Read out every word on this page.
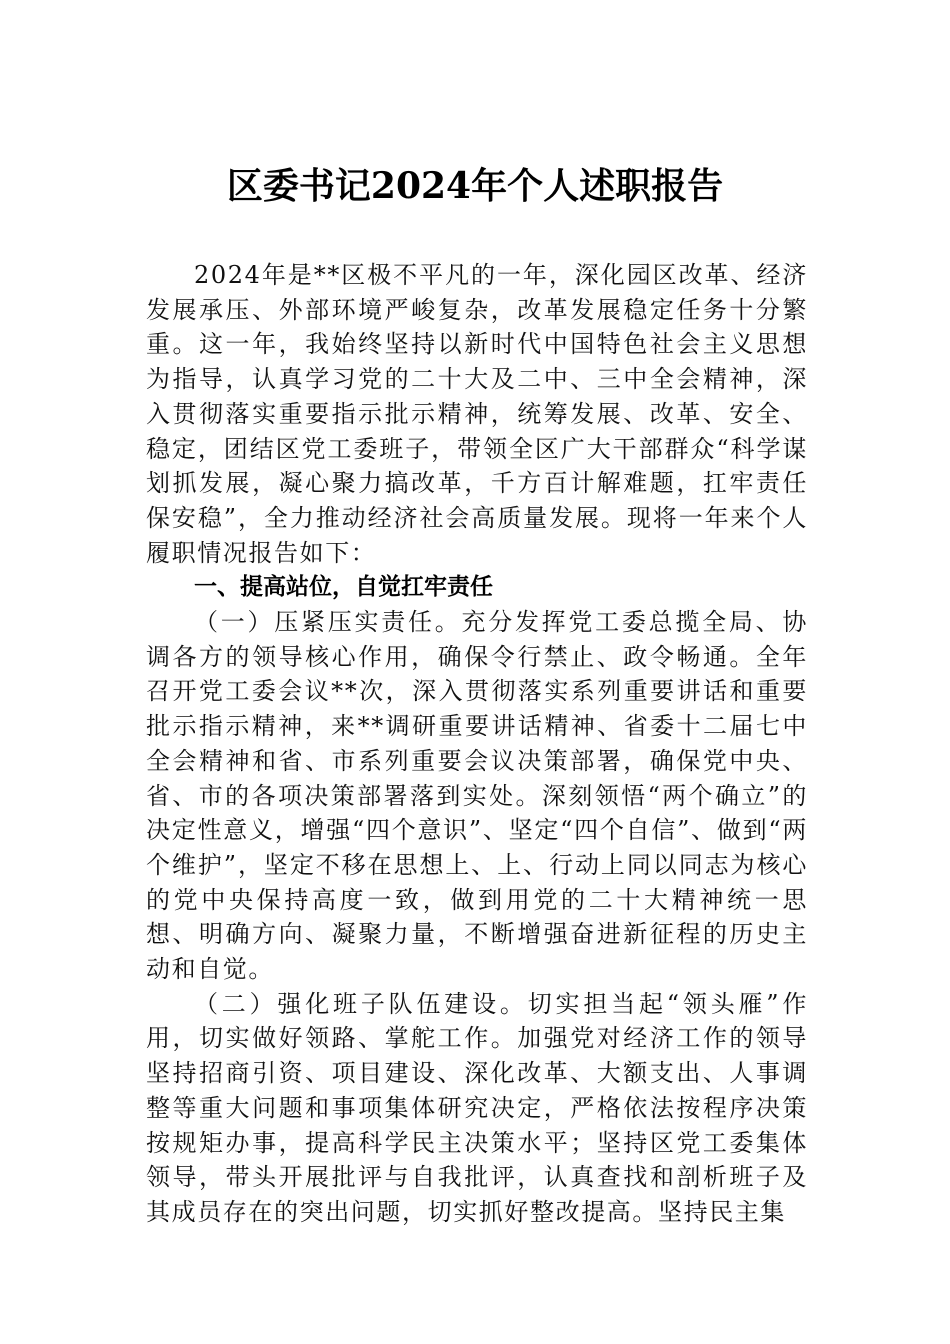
区委书记2024年个人述职报告

2024年是**区极不平凡的一年，深化园区改革、经济发展承压、外部环境严峻复杂，改革发展稳定任务十分繁重。这一年，我始终坚持以新时代中国特色社会主义思想为指导，认真学习党的二十大及二中、三中全会精神，深入贯彻落实重要指示批示精神，统筹发展、改革、安全、稳定，团结区党工委班子，带领全区广大干部群众“科学谋划抓发展，凝心聚力搞改革，千方百计解难题，扛牢责任保安稳”，全力推动经济社会高质量发展。现将一年来个人履职情况报告如下：

一、提高站位，自觉扛牢责任

（一）压紧压实责任。充分发挥党工委总揽全局、协调各方的领导核心作用，确保令行禁止、政令畅通。全年召开党工委会议**次，深入贯彻落实系列重要讲话和重要批示指示精神，来**调研重要讲话精神、省委十二届七中全会精神和省、市系列重要会议决策部署，确保党中央、省、市的各项决策部署落到实处。深刻领悟“两个确立”的决定性意义，增强“四个意识”、坚定“四个自信”、做到“两个维护”，坚定不移在思想上、上、行动上同以同志为核心的党中央保持高度一致，做到用党的二十大精神统一思想、明确方向、凝聚力量，不断增强奋进新征程的历史主动和自觉。

（二）强化班子队伍建设。切实担当起“领头雁”作用，切实做好领路、掌舵工作。加强党对经济工作的领导坚持招商引资、项目建设、深化改革、大额支出、人事调整等重大问题和事项集体研究决定，严格依法按程序决策按规矩办事，提高科学民主决策水平；坚持区党工委集体领导，带头开展批评与自我批评，认真查找和剖析班子及其成员存在的突出问题，切实抓好整改提高。坚持民主集
